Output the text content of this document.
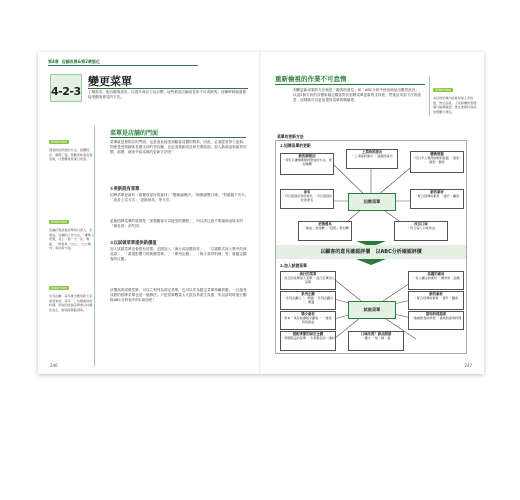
第4章 店舗改善&第2業態化
4-2-3
變更菜單
了解需求，配合顧客需求，以提升商品力為目標，這些都是店舗成長所不可或缺的。這種時候就需要接受顧客意見的方法。
Attention
餐食的的狀態的方法，採購程序，調理工程，帶動營收等各項因素，以整體角度進行改善。
Attention
店鋪針對試做菜單是以深入，去當成。店舗的工作方法，「讓業人感覺，有上「他一天一次」專區，一般提供「○○」，「○○週刊」等的新方案。
Attention
系列企劃：每年推出應用新大學最喜愛的，每年「」持續進貨的料理，所說的試做菜單會以持續性為主，創造時都點餐率。
菜單是店舗的門面
菜單就是餐飲店的門面，也是會直接受到顧客評價的對象，因此，必須經常努力更新。即使是受到顧客長期支持的老店鋪，也必須重新改良和充實品項。加入新商品來維持評價，那麼，就來介紹菜單的更新方法吧！
①更新既有菜單
招牌菜單更新有「改變成更好的素材」「變換調理法」「稍微調整口味」「對裝盤下功夫」「改善上菜方式」「更換餐具」等方法。
更新招牌菜單的原則是「加強顧客可以接受的優點」，所以該注意不要讓商品原本的「個長度」消失掉。
②以試做菜單提供新價值
加入試做菜單也會很有效果。定期加入「流行或話題食材」、「以重點式深入集中的商品群」、「重視影響力的娛樂菜單」、「系列企劃」、「稀少食材料理」等，就確定顧客的反應。
評價高的試做菜單，可以立刻列為固定菜單，也可以作為限定菜單持續供應。一旦接受成熟的招牌菜單也是一個辦法。只是菜單數量太大很容易產生負擔，所以請同時進行刪除ABC分析表中的C商品吧！
246
重新檢視的作業不可怠惰
判斷更新成果的方法就是「顧客的意見」和「ABC分析中使用商品出數的狀況」，以這2個方向的評價來確定顧客對於招牌菜單更新的支持度，然後活用到下次的改善，這樣就可以更加提昇菜單的精確度。
Attention
為好的記錄內容就是加入多的組，對於品質，上菜時機的管理進行檢測確認，實在會保持商品的整體力穩定。
菜單的更新方法
1.招牌菜單的更新
新的調理法
・使可以讓調理變得更加的方法　更加燦爛
上菜時的演出
・上菜時的演出 ・裝盤的演出
變換裝盤
・可以令人覺得新鮮的裝盤 ・高度・模型・器材
命名
・可以感到好奇的命名 ・可以感到好吃的命名	招牌菜單
新的素材
・配合招牌的素材 ・提升・顧客
更換餐具
・「換成」更加精 ・「搭配」更加精
改良口味
・符合客人口味改良
以顧客的意見確認評價 以ABC分析確認評價
2.加入試做菜單
流行的菜單
・流行的菜單加入菜單 ・流行菜單加入菜單
話題的素材
・有人關注的素材 ・題材料・話題
系列企劃
・系列企劃以「」開頭 ・系列企劃以「」開頭
新的素材
・配合招牌的素材 ・提升・顧客
試做菜單
稀少素材
・原本・具有能讓吸引顧客 ・一道菜・特別商品
當地料理提案
・地域飲食的料理 ・當地特產的料理
搭配季節的固定企劃
・季節限定的菜單 ・冬季限定的一道料
口味改善？商品開發
・鍋大 ・魚・輕・蔬
247
